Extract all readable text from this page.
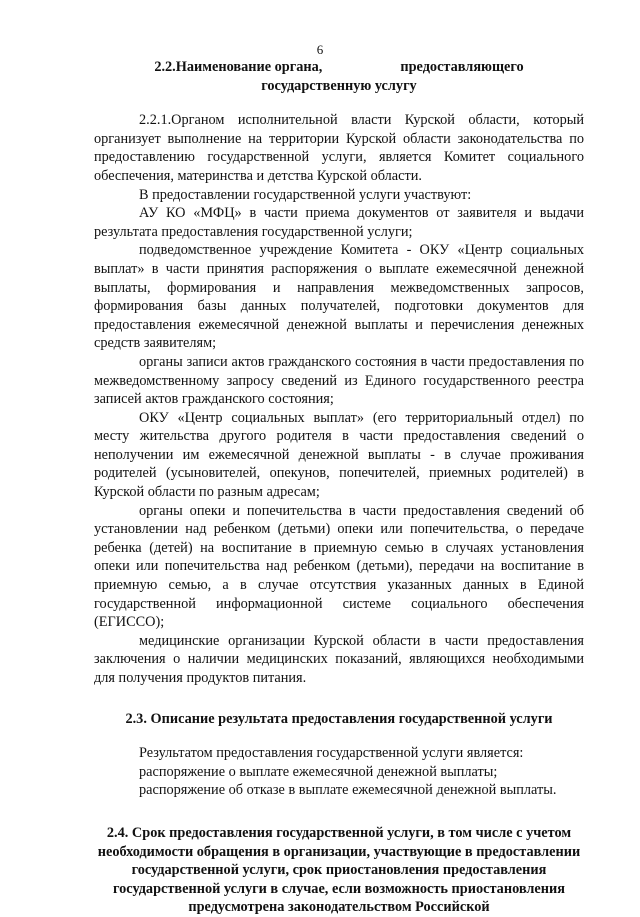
6
2.2.Наименование органа,	предоставляющего
государственную услугу

2.2.1.Органом исполнительной власти Курской области, который организует выполнение на территории Курской области законодательства по предоставлению государственной услуги, является Комитет социального обеспечения, материнства и детства Курской области.

В предоставлении государственной услуги участвуют:

АУ КО «МФЦ» в части приема документов от заявителя и выдачи результата предоставления государственной услуги;

подведомственное учреждение Комитета - ОКУ «Центр социальных выплат» в части принятия распоряжения о выплате ежемесячной денежной выплаты, формирования и направления межведомственных запросов, формирования базы данных получателей, подготовки документов для предоставления ежемесячной денежной выплаты и перечисления денежных средств заявителям;

органы записи актов гражданского состояния в части предоставления по межведомственному запросу сведений из Единого государственного реестра записей актов гражданского состояния;

ОКУ «Центр социальных выплат» (его территориальный отдел) по месту жительства другого родителя в части предоставления сведений о неполучении им ежемесячной денежной выплаты - в случае проживания родителей (усыновителей, опекунов, попечителей, приемных родителей) в Курской области по разным адресам;

органы опеки и попечительства в части предоставления сведений об установлении над ребенком (детьми) опеки или попечительства, о передаче ребенка (детей) на воспитание в приемную семью в случаях установления опеки или попечительства над ребенком (детьми), передачи на воспитание в приемную семью, а в случае отсутствия указанных данных в Единой государственной информационной системе социального обеспечения (ЕГИССО);

медицинские организации Курской области в части предоставления заключения о наличии медицинских показаний, являющихся необходимыми для получения продуктов питания.

2.3. Описание результата предоставления государственной услуги

Результатом предоставления государственной услуги является:

распоряжение о выплате ежемесячной денежной выплаты;

распоряжение об отказе в выплате ежемесячной денежной выплаты.

2.4. Срок предоставления государственной услуги, в том числе с учетом необходимости обращения в организации, участвующие в предоставлении государственной услуги, срок приостановления предоставления государственной услуги в случае, если возможность приостановления предусмотрена законодательством Российской
